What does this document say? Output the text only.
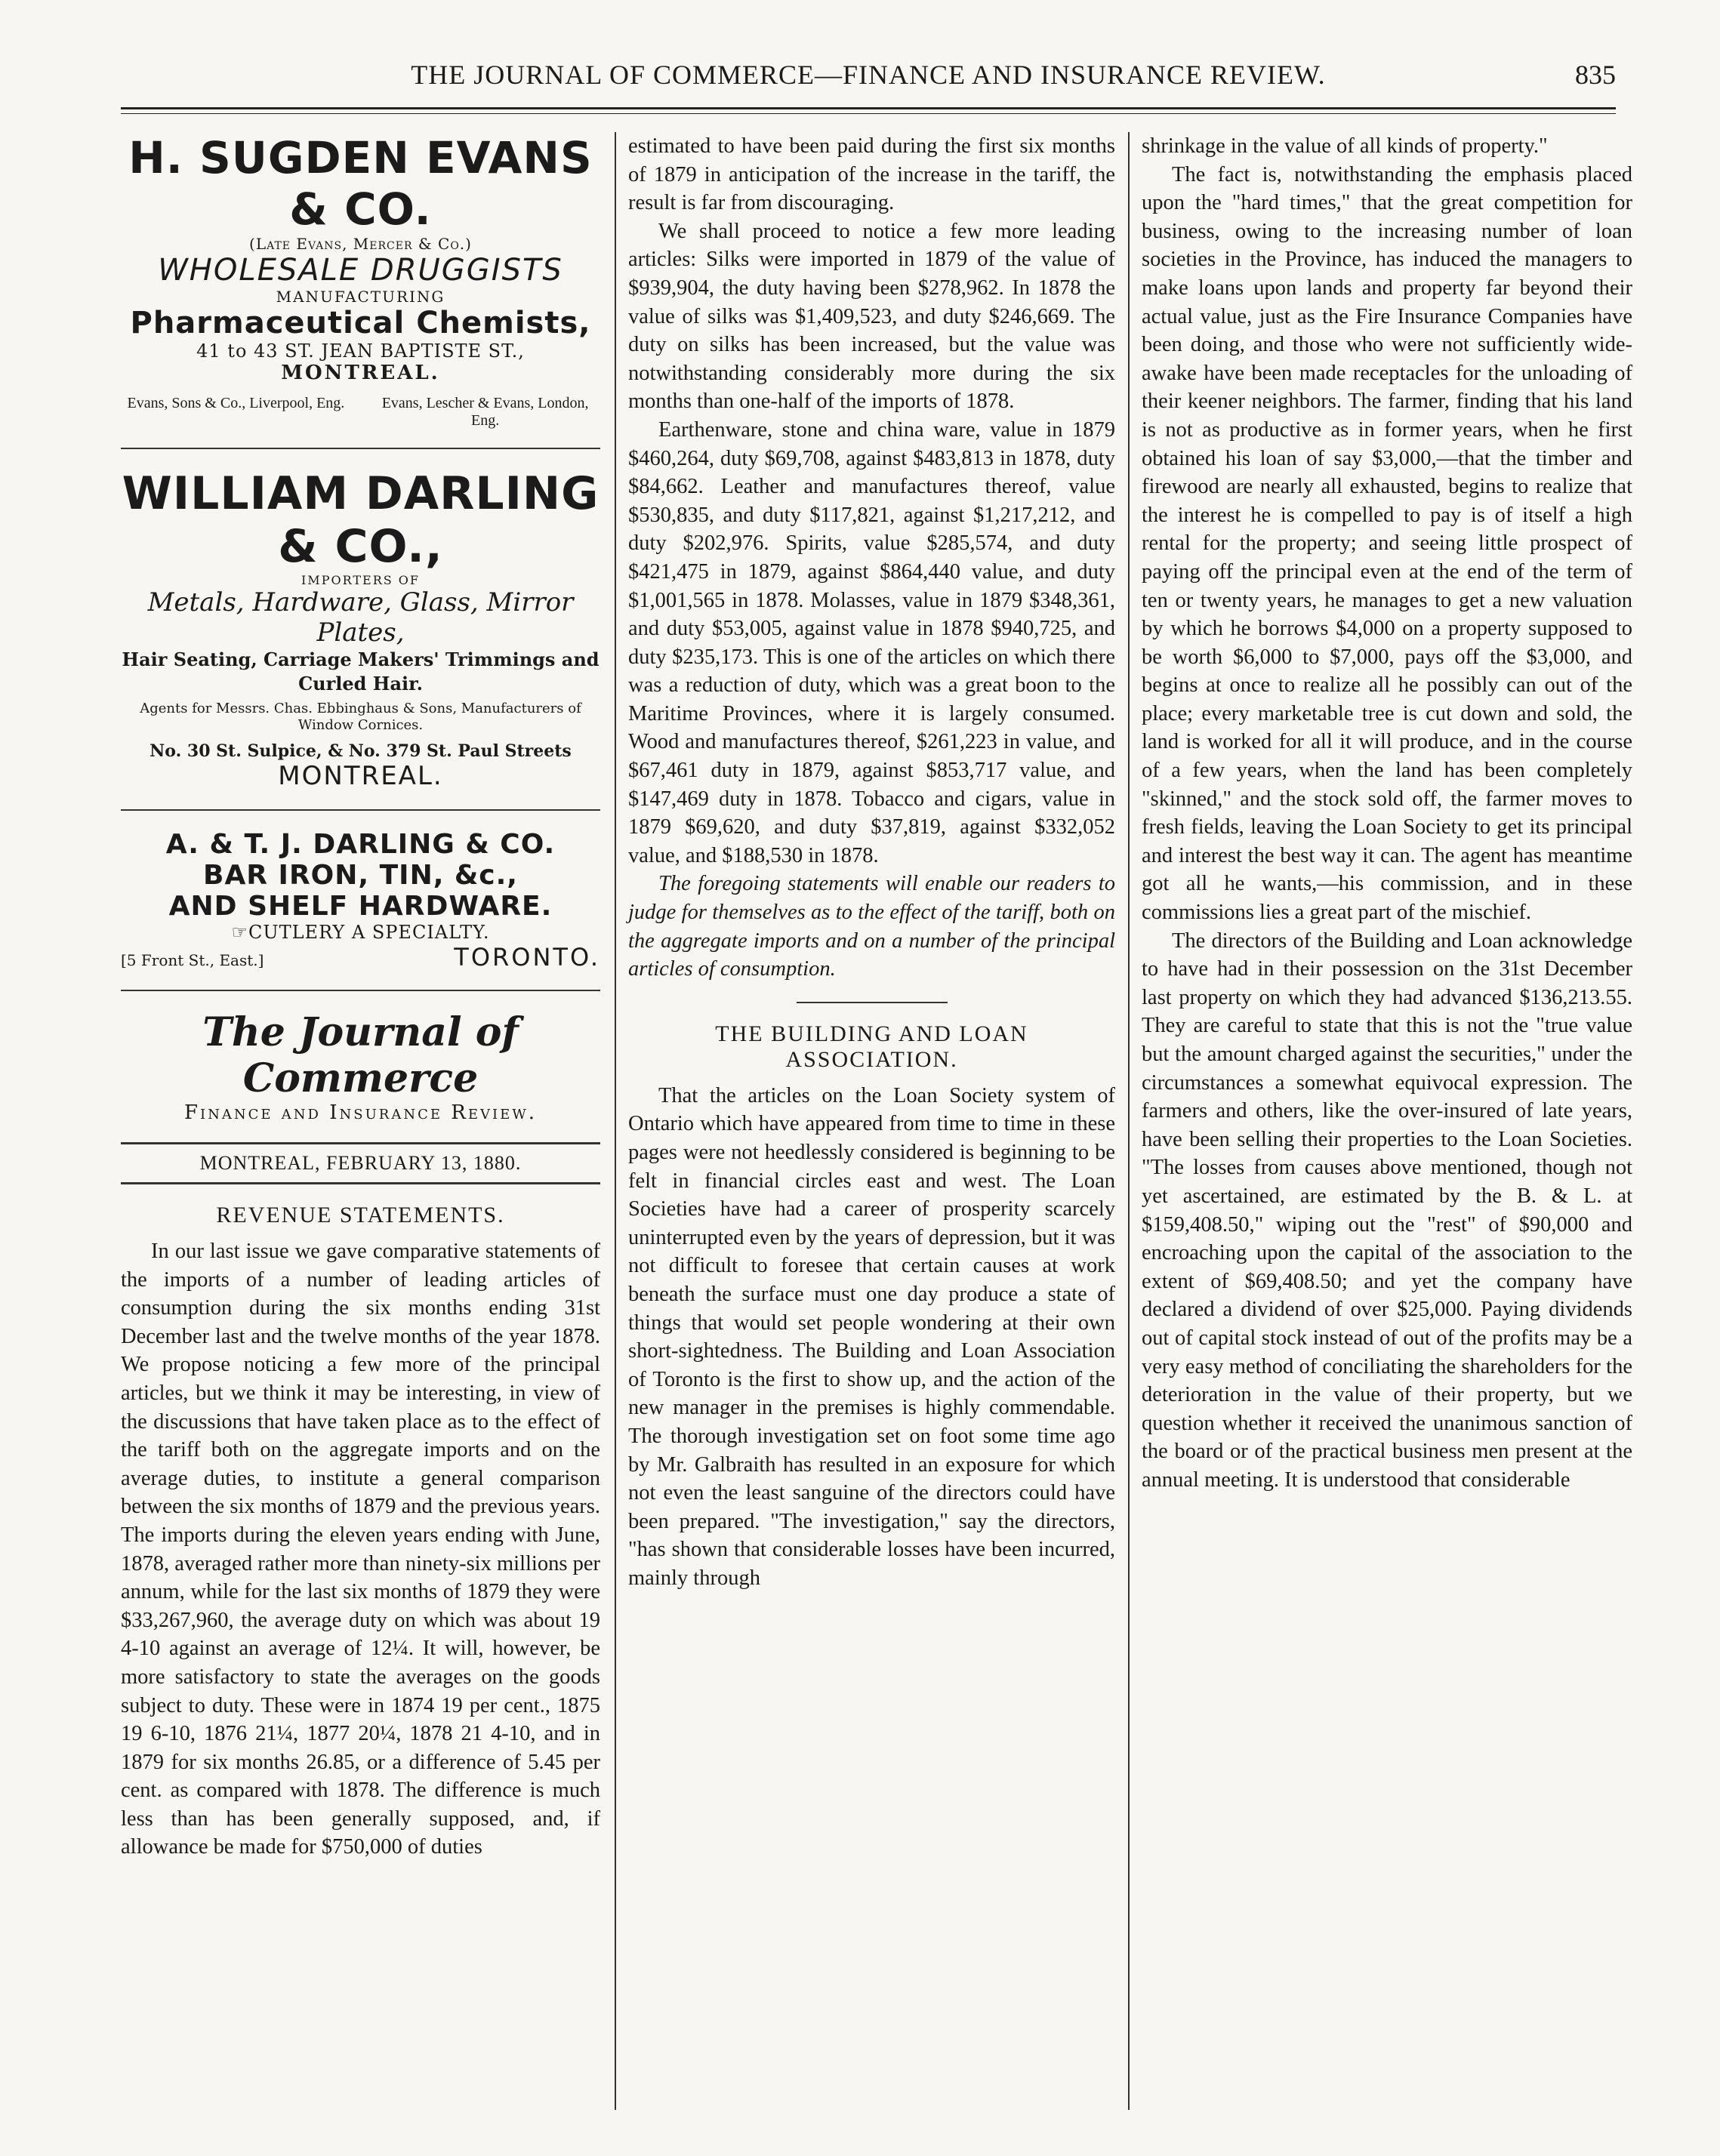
THE JOURNAL OF COMMERCE—FINANCE AND INSURANCE REVIEW.	835
H. SUGDEN EVANS & CO.
(Late Evans, Mercer & Co.)
WHOLESALE DRUGGISTS
MANUFACTURING
Pharmaceutical Chemists,
41 to 43 ST. JEAN BAPTISTE ST.,
MONTREAL.
Evans, Sons & Co., Liverpool, Eng.	Evans, Lescher & Evans, London, Eng.
WILLIAM DARLING & CO.,
IMPORTERS OF
Metals, Hardware, Glass, Mirror Plates,
Hair Seating, Carriage Makers' Trimmings and Curled Hair.
Agents for Messrs. Chas. Ebbinghaus & Sons, Manufacturers of Window Cornices.
No. 30 St. Sulpice, & No. 379 St. Paul Streets
MONTREAL.
A. & T. J. DARLING & CO.
BAR IRON, TIN, &c.,
AND SHELF HARDWARE.
☞CUTLERY A SPECIALTY.
[5 Front St., East.]	TORONTO.
The Journal of Commerce
Finance and Insurance Review.
MONTREAL, FEBRUARY 13, 1880.
REVENUE STATEMENTS.

In our last issue we gave comparative statements of the imports of a number of leading articles of consumption during the six months ending 31st December last and the twelve months of the year 1878. We propose noticing a few more of the principal articles, but we think it may be interesting, in view of the discussions that have taken place as to the effect of the tariff both on the aggregate imports and on the average duties, to institute a general comparison between the six months of 1879 and the previous years. The imports during the eleven years ending with June, 1878, averaged rather more than ninety-six millions per annum, while for the last six months of 1879 they were $33,267,960, the average duty on which was about 19 4-10 against an average of 12¼. It will, however, be more satisfactory to state the averages on the goods subject to duty. These were in 1874 19 per cent., 1875 19 6-10, 1876 21¼, 1877 20¼, 1878 21 4-10, and in 1879 for six months 26.85, or a difference of 5.45 per cent. as compared with 1878. The difference is much less than has been generally supposed, and, if allowance be made for $750,000 of duties

estimated to have been paid during the first six months of 1879 in anticipation of the increase in the tariff, the result is far from discouraging.

We shall proceed to notice a few more leading articles: Silks were imported in 1879 of the value of $939,904, the duty having been $278,962. In 1878 the value of silks was $1,409,523, and duty $246,669. The duty on silks has been increased, but the value was notwithstanding considerably more during the six months than one-half of the imports of 1878.

Earthenware, stone and china ware, value in 1879 $460,264, duty $69,708, against $483,813 in 1878, duty $84,662. Leather and manufactures thereof, value $530,835, and duty $117,821, against $1,217,212, and duty $202,976. Spirits, value $285,574, and duty $421,475 in 1879, against $864,440 value, and duty $1,001,565 in 1878. Molasses, value in 1879 $348,361, and duty $53,005, against value in 1878 $940,725, and duty $235,173. This is one of the articles on which there was a reduction of duty, which was a great boon to the Maritime Provinces, where it is largely consumed. Wood and manufactures thereof, $261,223 in value, and $67,461 duty in 1879, against $853,717 value, and $147,469 duty in 1878. Tobacco and cigars, value in 1879 $69,620, and duty $37,819, against $332,052 value, and $188,530 in 1878.

The foregoing statements will enable our readers to judge for themselves as to the effect of the tariff, both on the aggregate imports and on a number of the principal articles of consumption.

THE BUILDING AND LOAN ASSOCIATION.

That the articles on the Loan Society system of Ontario which have appeared from time to time in these pages were not heedlessly considered is beginning to be felt in financial circles east and west. The Loan Societies have had a career of prosperity scarcely uninterrupted even by the years of depression, but it was not difficult to foresee that certain causes at work beneath the surface must one day produce a state of things that would set people wondering at their own short-sightedness. The Building and Loan Association of Toronto is the first to show up, and the action of the new manager in the premises is highly commendable. The thorough investigation set on foot some time ago by Mr. Galbraith has resulted in an exposure for which not even the least sanguine of the directors could have been prepared. "The investigation," say the directors, "has shown that considerable losses have been incurred, mainly through

shrinkage in the value of all kinds of property."

The fact is, notwithstanding the emphasis placed upon the "hard times," that the great competition for business, owing to the increasing number of loan societies in the Province, has induced the managers to make loans upon lands and property far beyond their actual value, just as the Fire Insurance Companies have been doing, and those who were not sufficiently wide-awake have been made receptacles for the unloading of their keener neighbors. The farmer, finding that his land is not as productive as in former years, when he first obtained his loan of say $3,000,—that the timber and firewood are nearly all exhausted, begins to realize that the interest he is compelled to pay is of itself a high rental for the property; and seeing little prospect of paying off the principal even at the end of the term of ten or twenty years, he manages to get a new valuation by which he borrows $4,000 on a property supposed to be worth $6,000 to $7,000, pays off the $3,000, and begins at once to realize all he possibly can out of the place; every marketable tree is cut down and sold, the land is worked for all it will produce, and in the course of a few years, when the land has been completely "skinned," and the stock sold off, the farmer moves to fresh fields, leaving the Loan Society to get its principal and interest the best way it can. The agent has meantime got all he wants,—his commission, and in these commissions lies a great part of the mischief.

The directors of the Building and Loan acknowledge to have had in their possession on the 31st December last property on which they had advanced $136,213.55. They are careful to state that this is not the "true value but the amount charged against the securities," under the circumstances a somewhat equivocal expression. The farmers and others, like the over-insured of late years, have been selling their properties to the Loan Societies. "The losses from causes above mentioned, though not yet ascertained, are estimated by the B. & L. at $159,408.50," wiping out the "rest" of $90,000 and encroaching upon the capital of the association to the extent of $69,408.50; and yet the company have declared a dividend of over $25,000. Paying dividends out of capital stock instead of out of the profits may be a very easy method of conciliating the shareholders for the deterioration in the value of their property, but we question whether it received the unanimous sanction of the board or of the practical business men present at the annual meeting. It is understood that considerable
